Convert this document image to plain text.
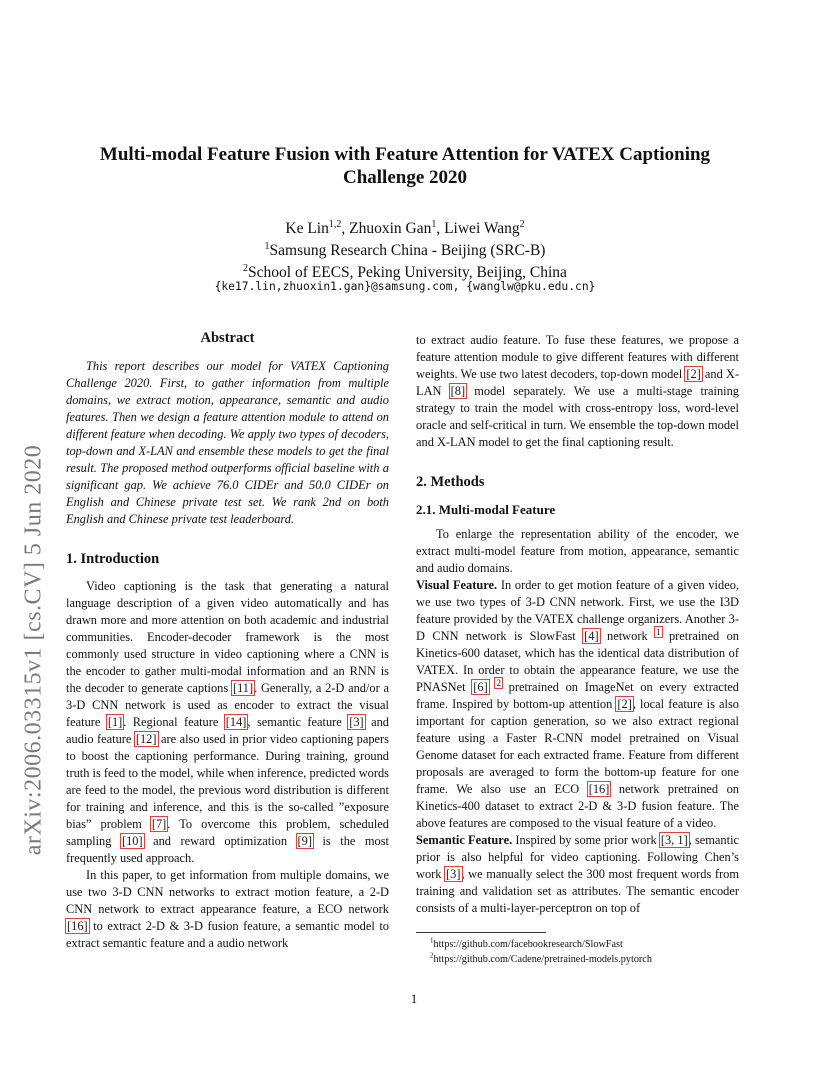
arXiv:2006.03315v1 [cs.CV] 5 Jun 2020
Multi-modal Feature Fusion with Feature Attention for VATEX Captioning
Challenge 2020
Ke Lin$^{1,2}$, Zhuoxin Gan$^1$, Liwei Wang$^2$
$^1$Samsung Research China - Beijing (SRC-B)
$^2$School of EECS, Peking University, Beijing, China
{ke17.lin,zhuoxin1.gan}@samsung.com, {wanglw@pku.edu.cn}
Abstract

This report describes our model for VATEX Captioning Challenge 2020. First, to gather information from multiple domains, we extract motion, appearance, semantic and audio features. Then we design a feature attention module to attend on different feature when decoding. We apply two types of decoders, top-down and X-LAN and ensemble these models to get the final result. The proposed method outperforms official baseline with a significant gap. We achieve 76.0 CIDEr and 50.0 CIDEr on English and Chinese private test set. We rank 2nd on both English and Chinese private test leaderboard.

1. Introduction

Video captioning is the task that generating a natural language description of a given video automatically and has drawn more and more attention on both academic and industrial communities. Encoder-decoder framework is the most commonly used structure in video captioning where a CNN is the encoder to gather multi-modal information and an RNN is the decoder to generate captions [11]. Generally, a 2-D and/or a 3-D CNN network is used as encoder to extract the visual feature [1]. Regional feature [14], semantic feature [3] and audio feature [12] are also used in prior video captioning papers to boost the captioning performance. During training, ground truth is feed to the model, while when inference, predicted words are feed to the model, the previous word distribution is different for training and inference, and this is the so-called ”exposure bias” problem [7]. To overcome this problem, scheduled sampling [10] and reward optimization [9] is the most frequently used approach.

In this paper, to get information from multiple domains, we use two 3-D CNN networks to extract motion feature, a 2-D CNN network to extract appearance feature, a ECO network [16] to extract 2-D & 3-D fusion feature, a semantic model to extract semantic feature and a audio network

to extract audio feature. To fuse these features, we propose a feature attention module to give different features with different weights. We use two latest decoders, top-down model [2] and X-LAN [8] model separately. We use a multi-stage training strategy to train the model with cross-entropy loss, word-level oracle and self-critical in turn. We ensemble the top-down model and X-LAN model to get the final captioning result.

2. Methods
2.1. Multi-modal Feature

To enlarge the representation ability of the encoder, we extract multi-model feature from motion, appearance, semantic and audio domains.

Visual Feature. In order to get motion feature of a given video, we use two types of 3-D CNN network. First, we use the I3D feature provided by the VATEX challenge organizers. Another 3-D CNN network is SlowFast [4] network $^1$ pretrained on Kinetics-600 dataset, which has the identical data distribution of VATEX. In order to obtain the appearance feature, we use the PNASNet [6] $^2$ pretrained on ImageNet on every extracted frame. Inspired by bottom-up attention [2], local feature is also important for caption generation, so we also extract regional feature using a Faster R-CNN model pretrained on Visual Genome dataset for each extracted frame. Feature from different proposals are averaged to form the bottom-up feature for one frame. We also use an ECO [16] network pretrained on Kinetics-400 dataset to extract 2-D & 3-D fusion feature. The above features are composed to the visual feature of a video.

Semantic Feature. Inspired by some prior work [3, 1], semantic prior is also helpful for video captioning. Following Chen’s work [3], we manually select the 300 most frequent words from training and validation set as attributes. The semantic encoder consists of a multi-layer-perceptron on top of

$^1$https://github.com/facebookresearch/SlowFast
$^2$https://github.com/Cadene/pretrained-models.pytorch
1
